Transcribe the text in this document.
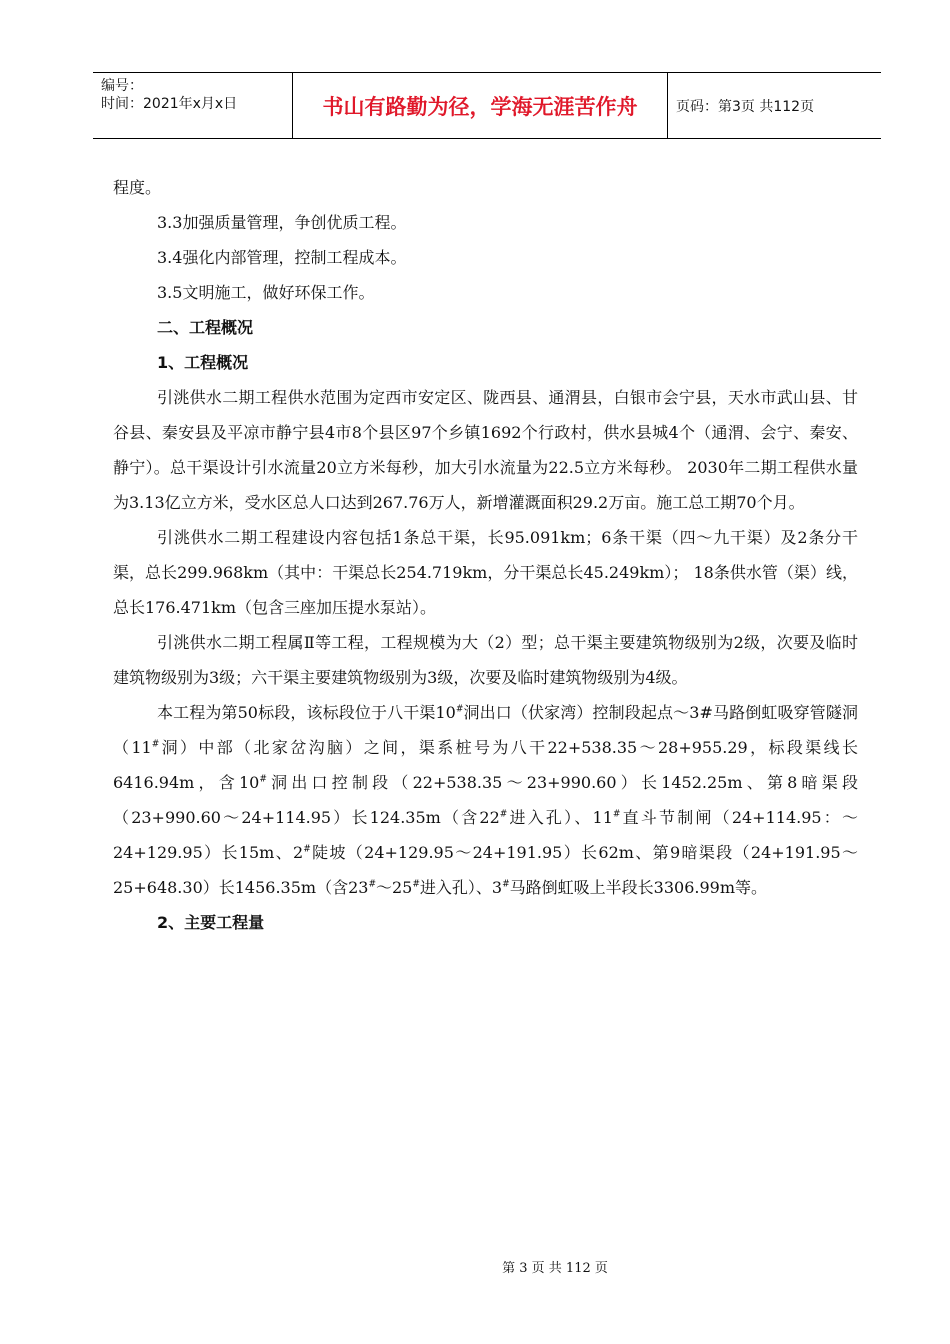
编号：
时间：2021年x月x日	书山有路勤为径，学海无涯苦作舟	页码：第3页 共112页

程度。

3.3加强质量管理，争创优质工程。

3.4强化内部管理，控制工程成本。

3.5文明施工，做好环保工作。

二、工程概况

1、工程概况

引洮供水二期工程供水范围为定西市安定区、陇西县、通渭县，白银市会宁县，天水市武山县、甘谷县、秦安县及平凉市静宁县4市8个县区97个乡镇1692个行政村，供水县城4个（通渭、会宁、秦安、静宁）。总干渠设计引水流量20立方米每秒，加大引水流量为22.5立方米每秒。 2030年二期工程供水量为3.13亿立方米，受水区总人口达到267.76万人，新增灌溉面积29.2万亩。施工总工期70个月。

引洮供水二期工程建设内容包括1条总干渠，长95.091km；6条干渠（四～九干渠）及2条分干渠，总长299.968km（其中：干渠总长254.719km，分干渠总长45.249km）； 18条供水管（渠）线，总长176.471km（包含三座加压提水泵站）。

引洮供水二期工程属Ⅱ等工程，工程规模为大（2）型；总干渠主要建筑物级别为2级，次要及临时建筑物级别为3级；六干渠主要建筑物级别为3级，次要及临时建筑物级别为4级。

本工程为第50标段，该标段位于八干渠10#洞出口（伏家湾）控制段起点～3#马路倒虹吸穿管隧洞（11#洞）中部（北家岔沟脑）之间，渠系桩号为八干22+538.35～28+955.29，标段渠线长6416.94m，含10#洞出口控制段（22+538.35～23+990.60）长1452.25m、第8暗渠段（23+990.60～24+114.95）长124.35m（含22#进入孔）、11#直斗节制闸（24+114.95：～24+129.95）长15m、2#陡坡（24+129.95～24+191.95）长62m、第9暗渠段（24+191.95～25+648.30）长1456.35m（含23#～25#进入孔）、3#马路倒虹吸上半段长3306.99m等。

2、主要工程量

第 3 页 共 112 页
